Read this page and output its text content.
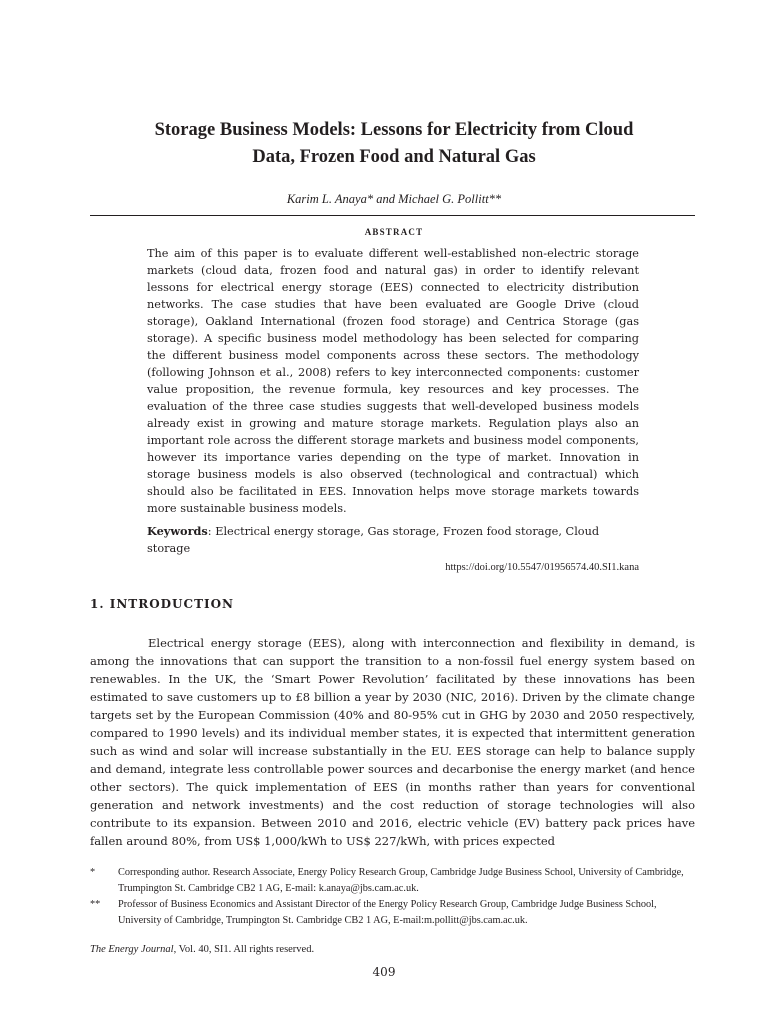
Storage Business Models: Lessons for Electricity from Cloud
Data, Frozen Food and Natural Gas

Karim L. Anaya* and Michael G. Pollitt**

ABSTRACT

The aim of this paper is to evaluate different well-established non-electric storage markets (cloud data, frozen food and natural gas) in order to identify relevant lessons for electrical energy storage (EES) connected to electricity distribution networks. The case studies that have been evaluated are Google Drive (cloud storage), Oakland International (frozen food storage) and Centrica Storage (gas storage). A specific business model methodology has been selected for comparing the different business model components across these sectors. The methodology (following Johnson et al., 2008) refers to key interconnected components: customer value proposition, the revenue formula, key resources and key processes. The evaluation of the three case studies suggests that well-developed business models already exist in growing and mature storage markets. Regulation plays also an important role across the different storage markets and business model components, however its importance varies depending on the type of market. Innovation in storage business models is also observed (technological and contractual) which should also be facilitated in EES. Innovation helps move storage markets towards more sustainable business models.

Keywords: Electrical energy storage, Gas storage, Frozen food storage, Cloud storage

https://doi.org/10.5547/01956574.40.SI1.kana

1. INTRODUCTION

Electrical energy storage (EES), along with interconnection and flexibility in demand, is among the innovations that can support the transition to a non-fossil fuel energy system based on renewables. In the UK, the ‘Smart Power Revolution’ facilitated by these innovations has been estimated to save customers up to £8 billion a year by 2030 (NIC, 2016). Driven by the climate change targets set by the European Commission (40% and 80-95% cut in GHG by 2030 and 2050 respectively, compared to 1990 levels) and its individual member states, it is expected that intermittent generation such as wind and solar will increase substantially in the EU. EES storage can help to balance supply and demand, integrate less controllable power sources and decarbonise the energy market (and hence other sectors). The quick implementation of EES (in months rather than years for conventional generation and network investments) and the cost reduction of storage technologies will also contribute to its expansion. Between 2010 and 2016, electric vehicle (EV) battery pack prices have fallen around 80%, from US$ 1,000/kWh to US$ 227/kWh, with prices expected

*	Corresponding author. Research Associate, Energy Policy Research Group, Cambridge Judge Business School, University of Cambridge, Trumpington St. Cambridge CB2 1 AG, E-mail: k.anaya@jbs.cam.ac.uk.
**	Professor of Business Economics and Assistant Director of the Energy Policy Research Group, Cambridge Judge Business School, University of Cambridge, Trumpington St. Cambridge CB2 1 AG, E-mail:m.pollitt@jbs.cam.ac.uk.

The Energy Journal, Vol. 40, SI1. All rights reserved.

409
